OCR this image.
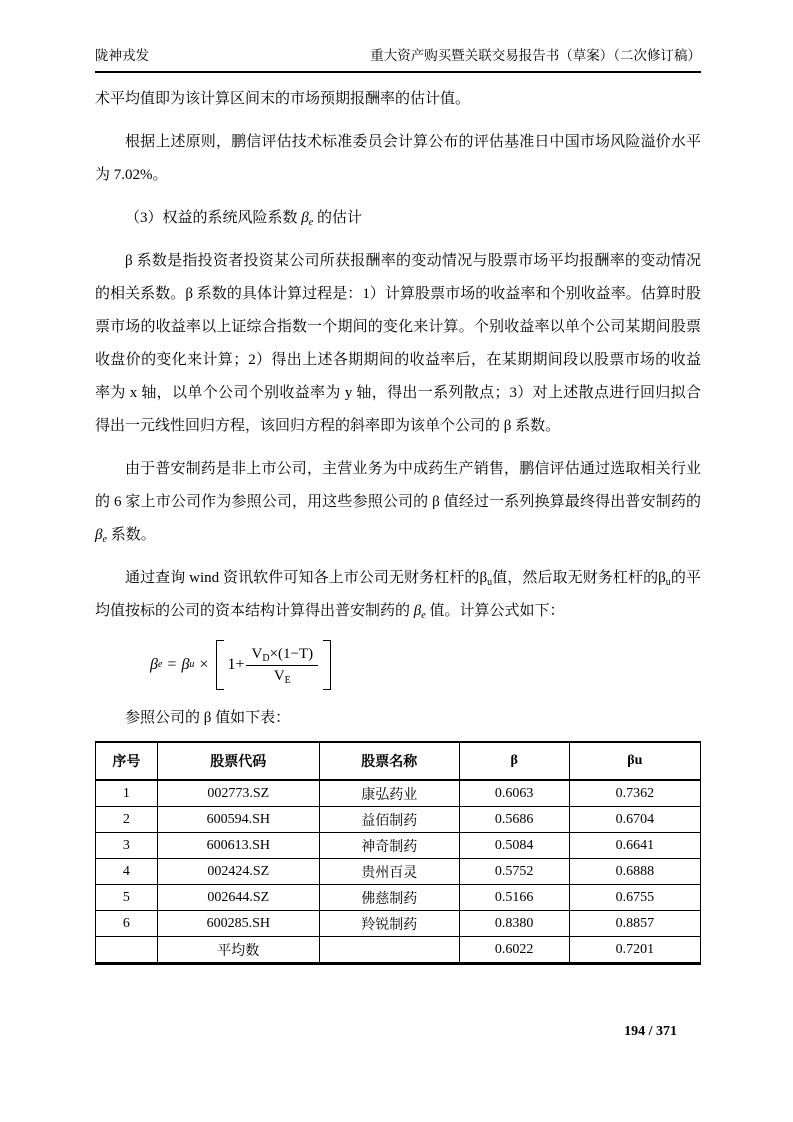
陇神戎发	重大资产购买暨关联交易报告书（草案）（二次修订稿）

术平均值即为该计算区间末的市场预期报酬率的估计值。

根据上述原则，鹏信评估技术标准委员会计算公布的评估基准日中国市场风险溢价水平为 7.02%。

（3）权益的系统风险系数 $\beta_e$ 的估计

β 系数是指投资者投资某公司所获报酬率的变动情况与股票市场平均报酬率的变动情况的相关系数。β 系数的具体计算过程是：1）计算股票市场的收益率和个别收益率。估算时股票市场的收益率以上证综合指数一个期间的变化来计算。个别收益率以单个公司某期间股票收盘价的变化来计算；2）得出上述各期期间的收益率后，在某期期间段以股票市场的收益率为 x 轴，以单个公司个别收益率为 y 轴，得出一系列散点；3）对上述散点进行回归拟合得出一元线性回归方程，该回归方程的斜率即为该单个公司的 β 系数。

由于普安制药是非上市公司，主营业务为中成药生产销售，鹏信评估通过选取相关行业的 6 家上市公司作为参照公司，用这些参照公司的 β 值经过一系列换算最终得出普安制药的$\beta_e$ 系数。

通过查询 wind 资讯软件可知各上市公司无财务杠杆的$\beta_u$值，然后取无财务杠杆的$\beta_u$的平均值按标的公司的资本结构计算得出普安制药的 $\beta_e$ 值。计算公式如下：

β e = β $u \times 1+ \frac{V_D\times(1-T)}{V_E}$

参照公司的 β 值如下表：

序号	股票代码	股票名称	β	βu
1	002773.SZ	康弘药业	0.6063	0.7362
2	600594.SH	益佰制药	0.5686	0.6704
3	600613.SH	神奇制药	0.5084	0.6641
4	002424.SZ	贵州百灵	0.5752	0.6888
5	002644.SZ	佛慈制药	0.5166	0.6755
6	600285.SH	羚锐制药	0.8380	0.8857
	平均数		0.6022	0.7201
194 / 371
